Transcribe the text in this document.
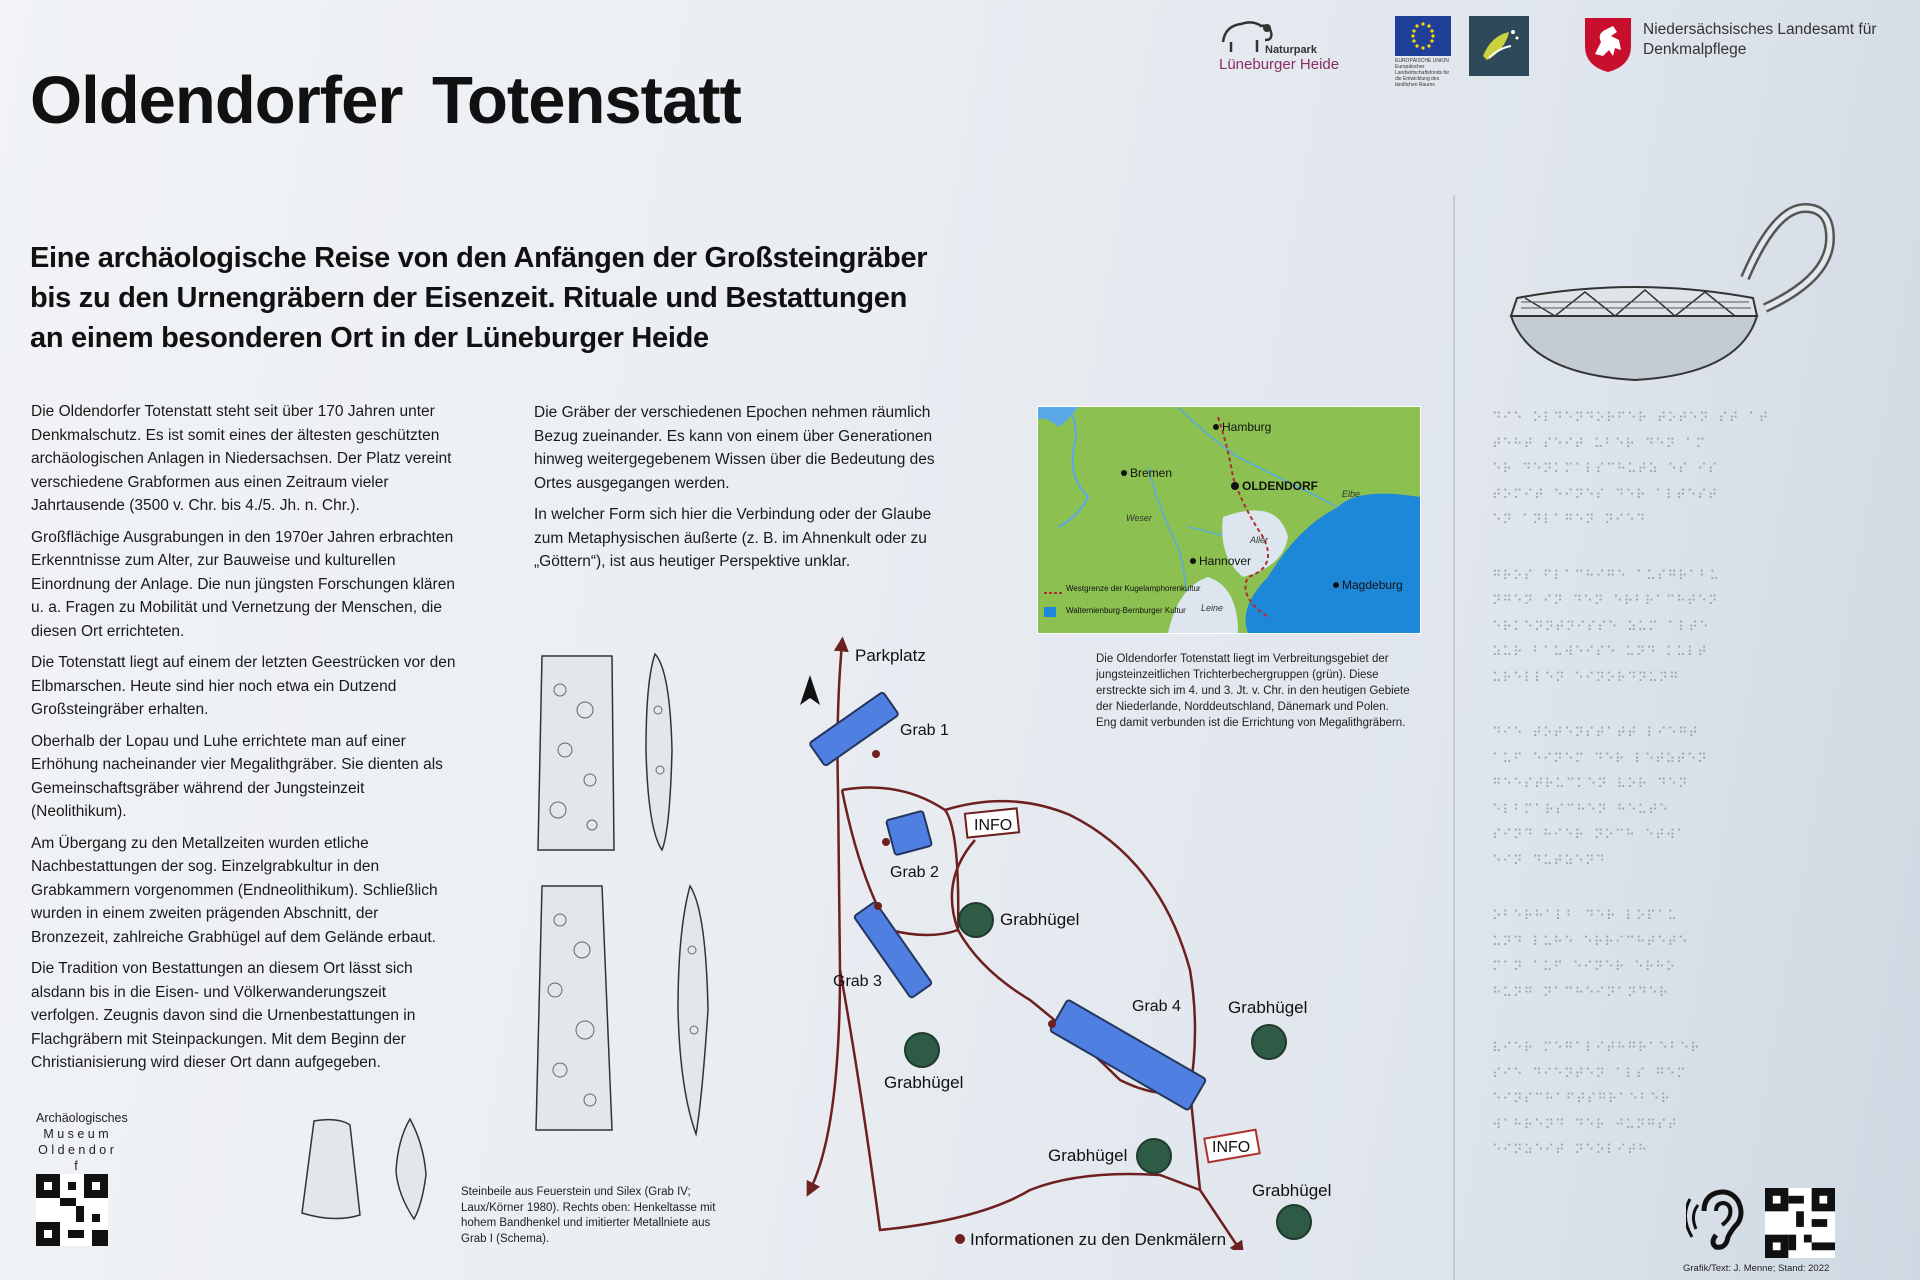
Naturpark
Lüneburger Heide	EUROPÄISCHE UNION Europäischer Landwirtschaftsfonds für die Entwicklung des ländlichen Raums
Niedersächsisches Landesamt für Denkmalpflege
Oldendorfer Totenstatt
Eine archäologische Reise von den Anfängen der Großsteingräber
bis zu den Urnengräbern der Eisenzeit. Rituale und Bestattungen
an einem besonderen Ort in der Lüneburger Heide

Die Oldendorfer Totenstatt steht seit über 170 Jahren unter Denkmalschutz. Es ist somit eines der ältesten geschützten archäologischen Anlagen in Niedersachsen. Der Platz vereint verschiedene Grabformen aus einen Zeitraum vieler Jahrtausende (3500 v. Chr. bis 4./5. Jh. n. Chr.).

Großflächige Ausgrabungen in den 1970er Jahren erbrachten Erkenntnisse zum Alter, zur Bauweise und kulturellen Einordnung der Anlage. Die nun jüngsten Forschungen klären u. a. Fragen zu Mobilität und Vernetzung der Menschen, die diesen Ort errichteten.

Die Totenstatt liegt auf einem der letzten Geestrücken vor den Elbmarschen. Heute sind hier noch etwa ein Dutzend Großsteingräber erhalten.

Oberhalb der Lopau und Luhe errichtete man auf einer Erhöhung nacheinander vier Megalithgräber. Sie dienten als Gemeinschaftsgräber während der Jungsteinzeit (Neolithikum).

Am Übergang zu den Metallzeiten wurden etliche Nachbestattungen der sog. Einzelgrabkultur in den Grabkammern vorgenommen (Endneolithikum). Schließlich wurden in einem zweiten prägenden Abschnitt, der Bronzezeit, zahlreiche Grabhügel auf dem Gelände erbaut.

Die Tradition von Bestattungen an diesem Ort lässt sich alsdann bis in die Eisen- und Völkerwanderungszeit verfolgen. Zeugnis davon sind die Urnenbestattungen in Flachgräbern mit Steinpackungen. Mit dem Beginn der Christianisierung wird dieser Ort dann aufgegeben.

Die Gräber der verschiedenen Epochen nehmen räumlich Bezug zueinander. Es kann von einem über Generationen hinweg weitergegebenem Wissen über die Bedeutung des Ortes ausgegangen werden.

In welcher Form sich hier die Verbindung oder der Glaube zum Metaphysischen äußerte (z. B. im Ahnenkult oder zu „Göttern“), ist aus heutiger Perspektive unklar.

Hamburg
Bremen
OLDENDORF
Hannover
Magdeburg
Weser
Aller
Elbe
Leine
Westgrenze der Kugelamphorenkultur
Walternienburg-Bernburger Kultur
Die Oldendorfer Totenstatt liegt im Verbreitungsgebiet der jungsteinzeitlichen Trichterbechergruppen (grün). Diese erstreckte sich im 4. und 3. Jt. v. Chr. in den heutigen Gebiete der Niederlande, Norddeutschland, Dänemark und Polen. Eng damit verbunden ist die Errichtung von Megalithgräbern.

⠙⠊⠑ ⠕⠇⠙⠑⠝⠙⠕⠗⠋⠑⠗ ⠞⠕⠞⠑⠝ ⠎⠞ ⠁⠞
⠞⠑⠓⠞ ⠎⠑⠊⠞ ⠥⠃⠑⠗ ⠙⠑⠝ ⠁⠍
⠑⠗ ⠙⠑⠝⠅⠍⠁⠇⠎⠉⠓⠥⠞⠵ ⠑⠎ ⠊⠎
⠞⠕⠍⠊⠞ ⠑⠊⠝⠑⠎ ⠙⠑⠗ ⠁⠇⠞⠑⠎⠞
⠑⠝ ⠁⠝⠇⠁⠛⠑⠝ ⠝⠊⠑⠙

⠛⠗⠕⠎ ⠋⠇⠁⠉⠓⠊⠛⠑ ⠁⠥⠎⠛⠗⠁⠃⠥
⠝⠛⠑⠝ ⠊⠝ ⠙⠑⠝ ⠑⠗⠃⠗⠁⠉⠓⠞⠑⠝
⠑⠗⠅⠑⠝⠝⠞⠝⠊⠎⠎⠑ ⠵⠥⠍ ⠁⠇⠞⠑
⠵⠥⠗ ⠃⠁⠥⠺⠑⠊⠎⠑ ⠥⠝⠙ ⠅⠥⠇⠞
⠥⠗⠑⠇⠇⠑⠝ ⠑⠊⠝⠕⠗⠙⠝⠥⠝⠛

⠙⠊⠑ ⠞⠕⠞⠑⠝⠎⠞⠁⠞⠞ ⠇⠊⠑⠛⠞
⠁⠥⠋ ⠑⠊⠝⠑⠍ ⠙⠑⠗ ⠇⠑⠞⠵⠞⠑⠝
⠛⠑⠑⠎⠞⠗⠥⠉⠅⠑⠝ ⠧⠕⠗ ⠙⠑⠝
⠑⠇⠃⠍⠁⠗⠎⠉⠓⠑⠝ ⠓⠑⠥⠞⠑
⠎⠊⠝⠙ ⠓⠊⠑⠗ ⠝⠕⠉⠓ ⠑⠞⠺⠁
⠑⠊⠝ ⠙⠥⠞⠵⠑⠝⠙

⠕⠃⠑⠗⠓⠁⠇⠃ ⠙⠑⠗ ⠇⠕⠏⠁⠥
⠥⠝⠙ ⠇⠥⠓⠑ ⠑⠗⠗⠊⠉⠓⠞⠑⠞⠑
⠍⠁⠝ ⠁⠥⠋ ⠑⠊⠝⠑⠗ ⠑⠗⠓⠕
⠓⠥⠝⠛ ⠝⠁⠉⠓⠑⠊⠝⠁⠝⠙⠑⠗

⠧⠊⠑⠗ ⠍⠑⠛⠁⠇⠊⠞⠓⠛⠗⠁⠑⠃⠑⠗
⠎⠊⠑ ⠙⠊⠑⠝⠞⠑⠝ ⠁⠇⠎ ⠛⠑⠍
⠑⠊⠝⠎⠉⠓⠁⠋⠞⠎⠛⠗⠁⠑⠃⠑⠗
⠺⠁⠓⠗⠑⠝⠙ ⠙⠑⠗ ⠚⠥⠝⠛⠎⠞
⠑⠊⠝⠵⠑⠊⠞ ⠝⠑⠕⠇⠊⠞⠓

Steinbeile aus Feuerstein und Silex (Grab IV; Laux/Körner 1980). Rechts oben: Henkeltasse mit hohem Bandhenkel und imitierter Metallniete aus Grab I (Schema).
INFO
INFO
Parkplatz
Grab 1
Grab 2
Grab 3
Grab 4
Grabhügel
Grabhügel
Grabhügel
Grabhügel
Grabhügel
Informationen zu den Denkmälern
Archäologisches
M u s e u m
O l d e n d o r f
Grafik/Text: J. Menne; Stand: 2022
